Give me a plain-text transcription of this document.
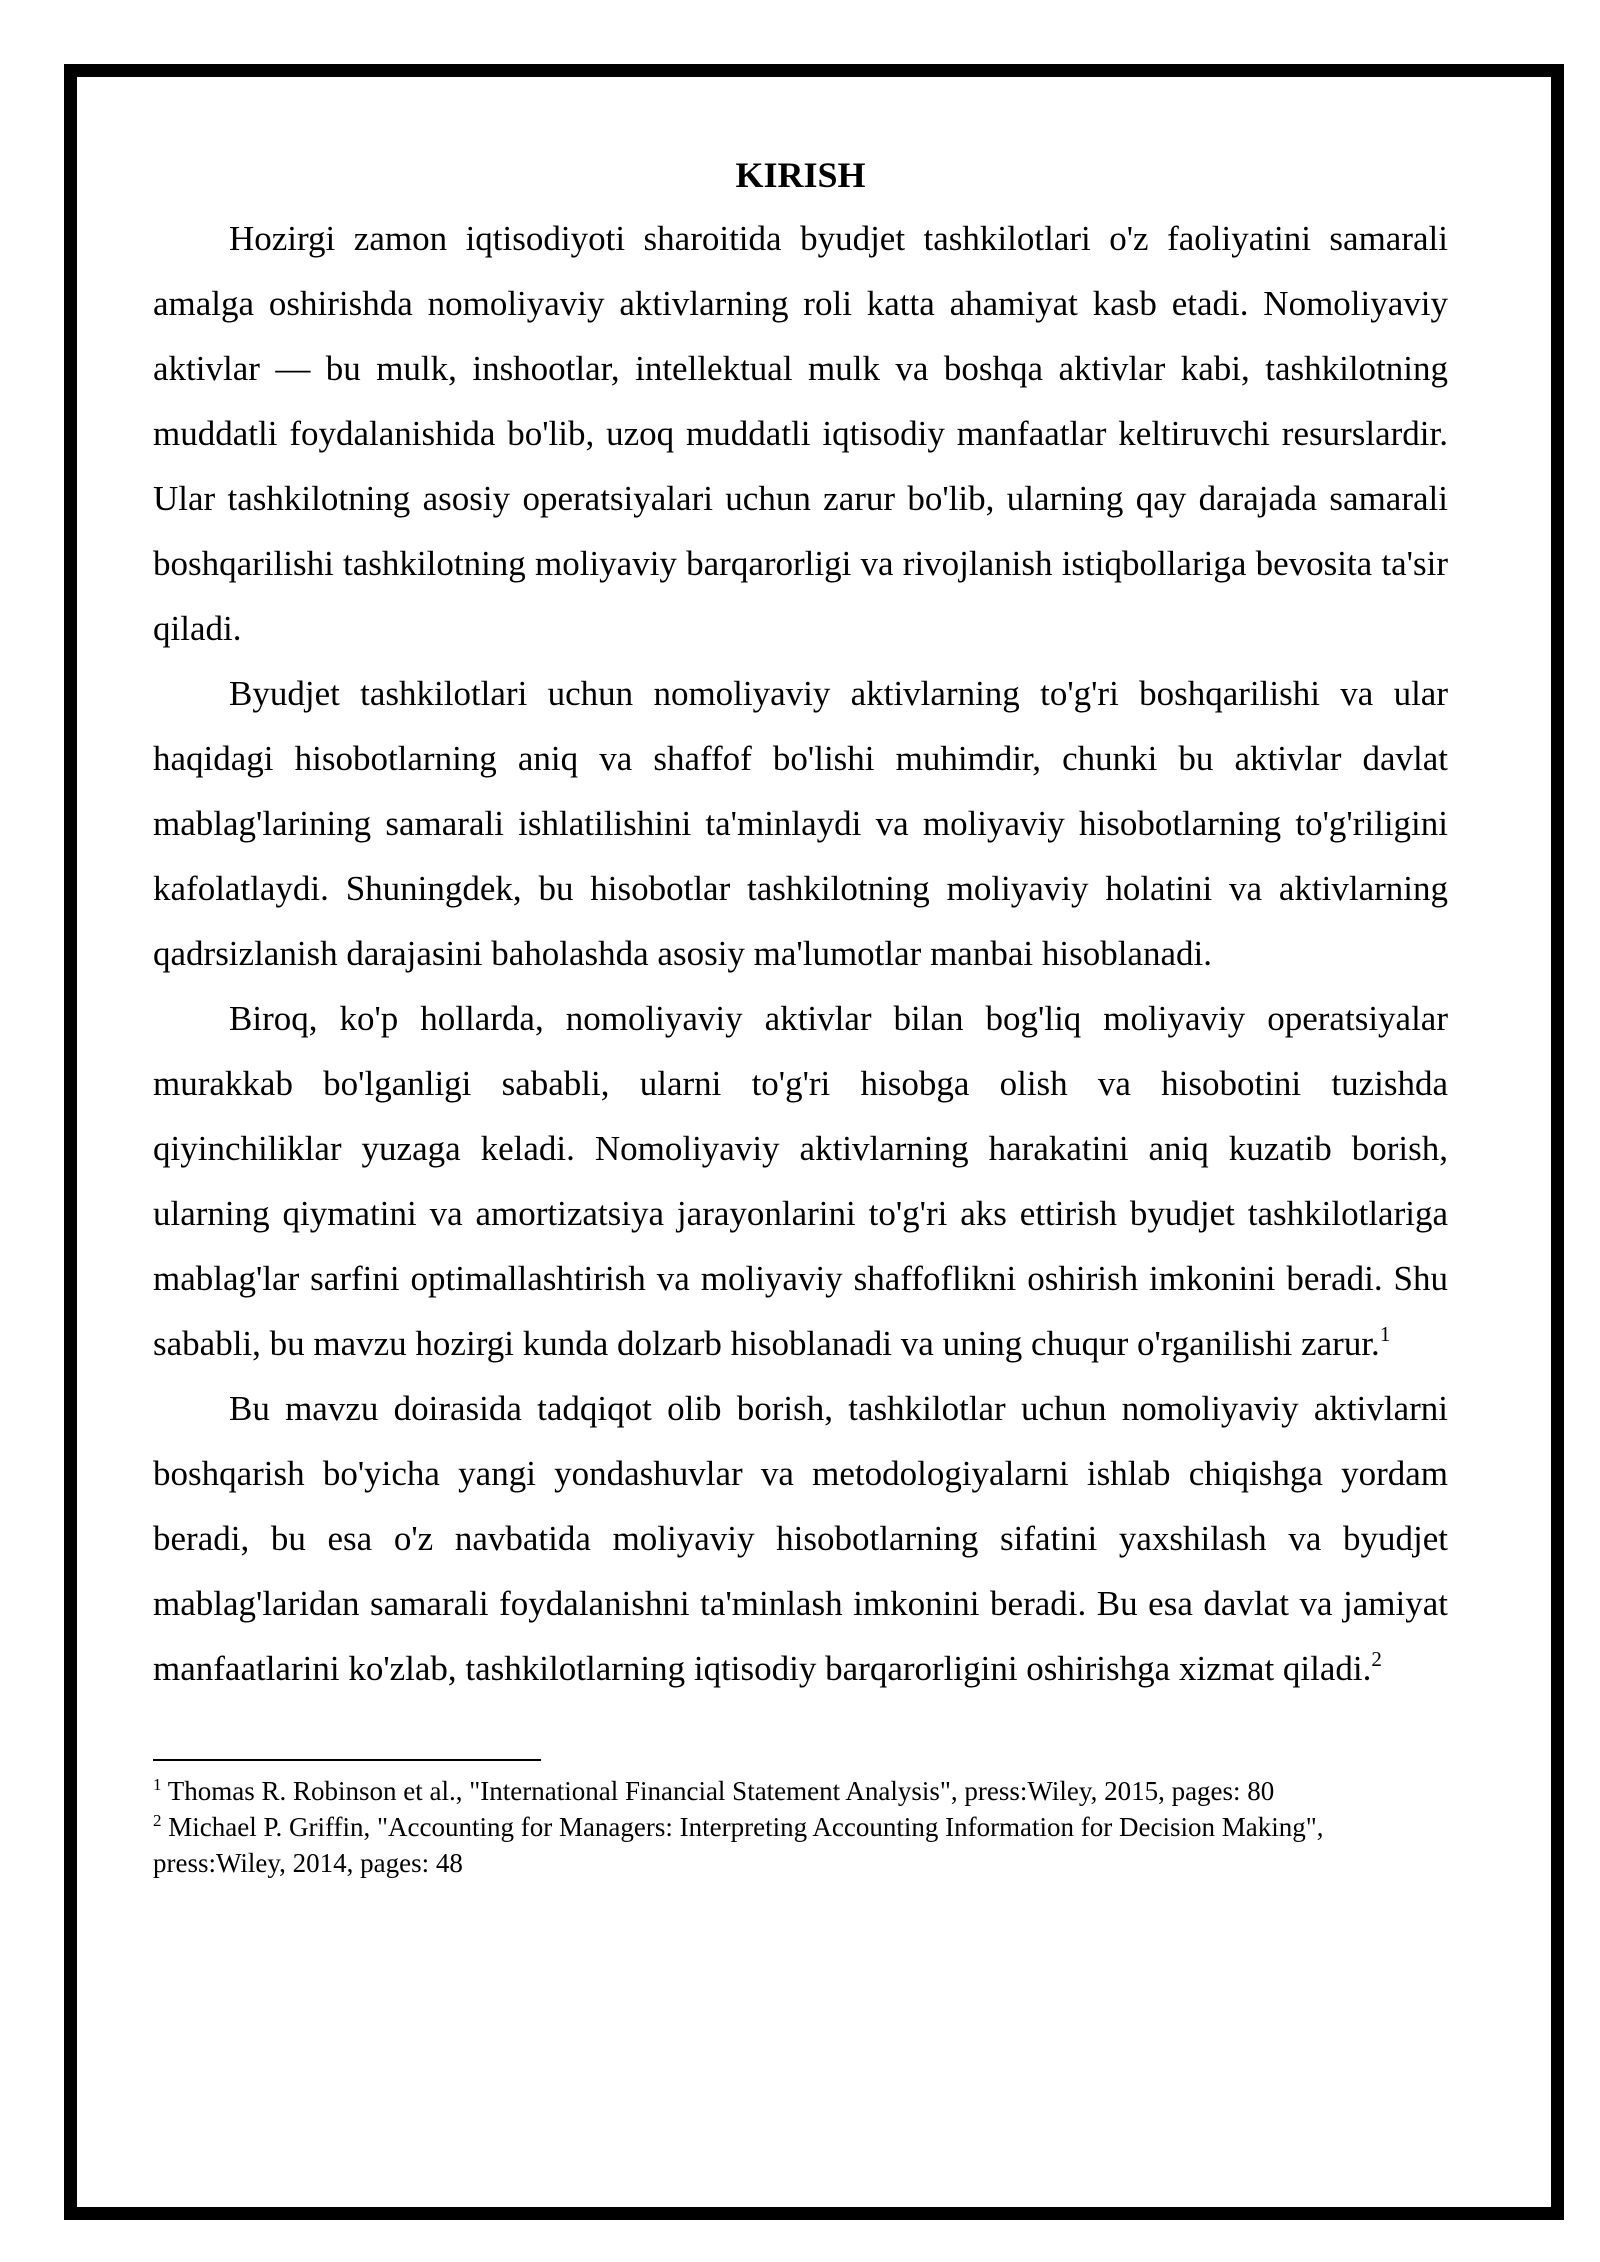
KIRISH

Hozirgi zamon iqtisodiyoti sharoitida byudjet tashkilotlari o'z faoliyatini samarali amalga oshirishda nomoliyaviy aktivlarning roli katta ahamiyat kasb etadi. Nomoliyaviy aktivlar — bu mulk, inshootlar, intellektual mulk va boshqa aktivlar kabi, tashkilotning muddatli foydalanishida bo'lib, uzoq muddatli iqtisodiy manfaatlar keltiruvchi resurslardir. Ular tashkilotning asosiy operatsiyalari uchun zarur bo'lib, ularning qay darajada samarali boshqarilishi tashkilotning moliyaviy barqarorligi va rivojlanish istiqbollariga bevosita ta'sir qiladi.

Byudjet tashkilotlari uchun nomoliyaviy aktivlarning to'g'ri boshqarilishi va ular haqidagi hisobotlarning aniq va shaffof bo'lishi muhimdir, chunki bu aktivlar davlat mablag'larining samarali ishlatilishini ta'minlaydi va moliyaviy hisobotlarning to'g'riligini kafolatlaydi. Shuningdek, bu hisobotlar tashkilotning moliyaviy holatini va aktivlarning qadrsizlanish darajasini baholashda asosiy ma'lumotlar manbai hisoblanadi.

Biroq, ko'p hollarda, nomoliyaviy aktivlar bilan bog'liq moliyaviy operatsiyalar murakkab bo'lganligi sababli, ularni to'g'ri hisobga olish va hisobotini tuzishda qiyinchiliklar yuzaga keladi. Nomoliyaviy aktivlarning harakatini aniq kuzatib borish, ularning qiymatini va amortizatsiya jarayonlarini to'g'ri aks ettirish byudjet tashkilotlariga mablag'lar sarfini optimallashtirish va moliyaviy shaffoflikni oshirish imkonini beradi. Shu sababli, bu mavzu hozirgi kunda dolzarb hisoblanadi va uning chuqur o'rganilishi zarur.$^1$

Bu mavzu doirasida tadqiqot olib borish, tashkilotlar uchun nomoliyaviy aktivlarni boshqarish bo'yicha yangi yondashuvlar va metodologiyalarni ishlab chiqishga yordam beradi, bu esa o'z navbatida moliyaviy hisobotlarning sifatini yaxshilash va byudjet mablag'laridan samarali foydalanishni ta'minlash imkonini beradi. Bu esa davlat va jamiyat manfaatlarini ko'zlab, tashkilotlarning iqtisodiy barqarorligini oshirishga xizmat qiladi.$^2$

$^1$ Thomas R. Robinson et al., "International Financial Statement Analysis", press:Wiley, 2015, pages: 80

$^2$ Michael P. Griffin, "Accounting for Managers: Interpreting Accounting Information for Decision Making", press:Wiley, 2014, pages: 48
